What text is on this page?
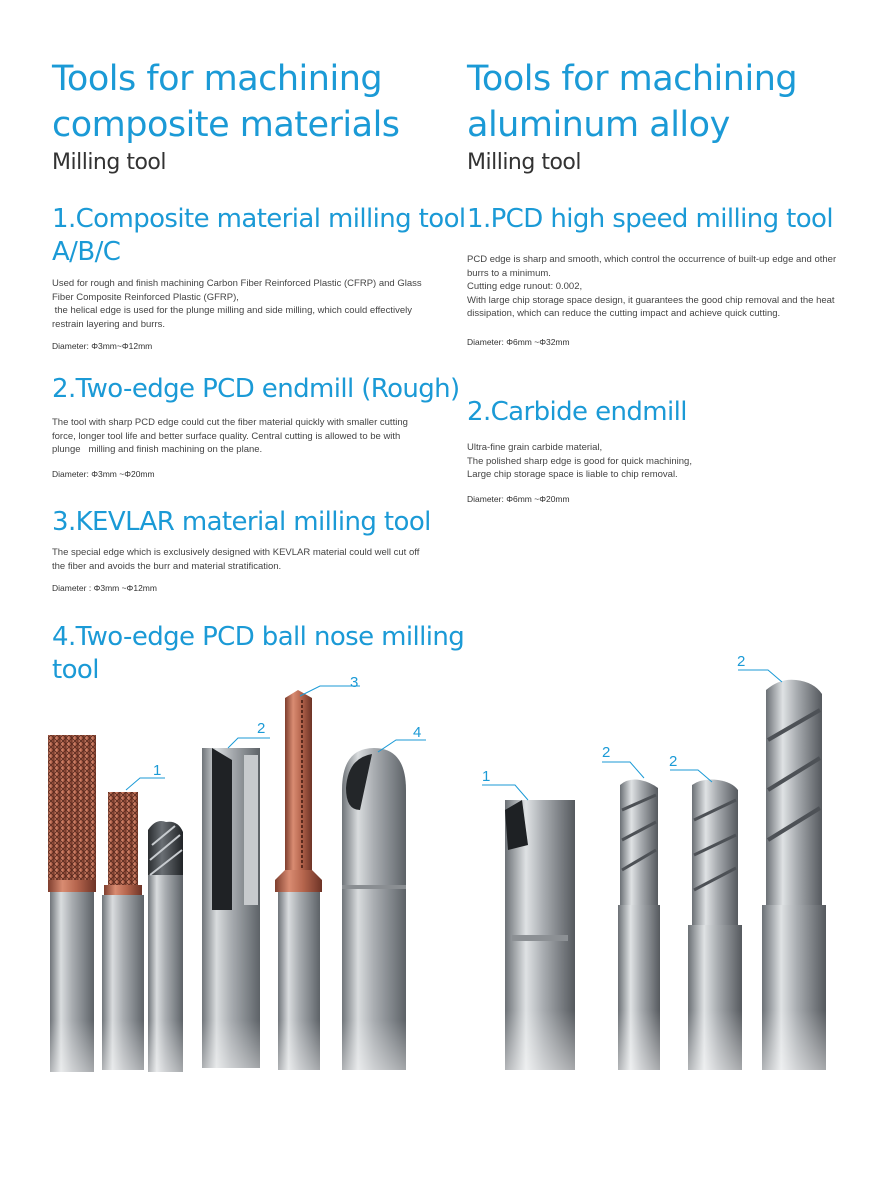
Tools for machining
composite materials
Milling tool
1.Composite material milling tool
A/B/C
Used for rough and finish machining Carbon Fiber Reinforced Plastic (CFRP) and Glass
Fiber Composite Reinforced Plastic (GFRP),
the helical edge is used for the plunge milling and side milling, which could effectively
restrain layering and burrs.
Diameter: Φ3mm~Φ12mm
2.Two-edge PCD endmill (Rough)
The tool with sharp PCD edge could cut the fiber material quickly with smaller cutting
force, longer tool life and better surface quality. Central cutting is allowed to be with
plunge   milling and finish machining on the plane.
Diameter: Φ3mm ~Φ20mm
3.KEVLAR material milling tool
The special edge which is exclusively designed with KEVLAR material could well cut off
the fiber and avoids the burr and material stratification.
Diameter : Φ3mm ~Φ12mm
4.Two-edge PCD ball nose milling
tool
Tools for machining
aluminum alloy
Milling tool
1.PCD high speed milling tool
PCD edge is sharp and smooth, which control the occurrence of built-up edge and other
burrs to a minimum.
Cutting edge runout: 0.002,
With large chip storage space design, it guarantees the good chip removal and the heat
dissipation, which can reduce the cutting impact and achieve quick cutting.
Diameter: Φ6mm ~Φ32mm
2.Carbide endmill
Ultra-fine grain carbide material,
The polished sharp edge is good for quick machining,
Large chip storage space is liable to chip removal.
Diameter: Φ6mm ~Φ20mm
1
2
3
4
1
2
2
2
